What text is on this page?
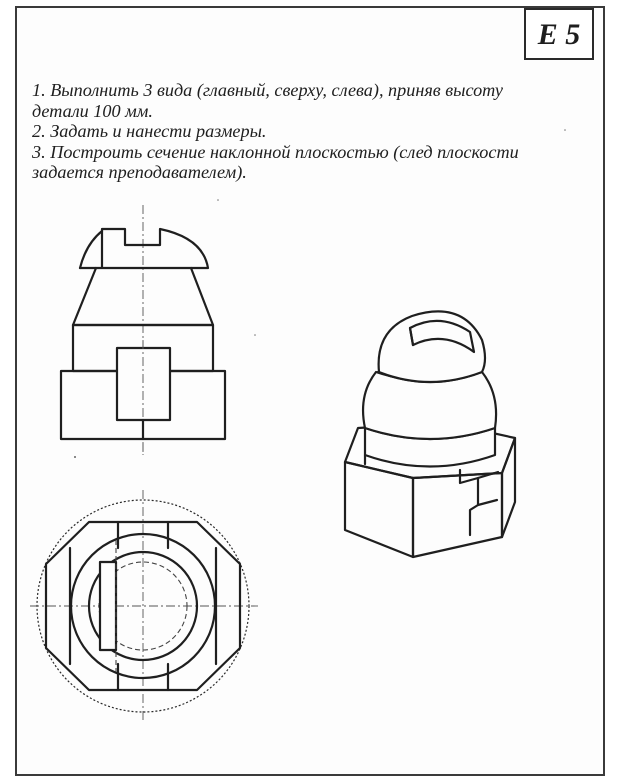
E 5
1. Выполнить 3 вида (главный, сверху, слева), приняв высоту
детали 100 мм.
2. Задать и нанести размеры.
3. Построить сечение наклонной плоскостью (след плоскости
задается преподавателем).
